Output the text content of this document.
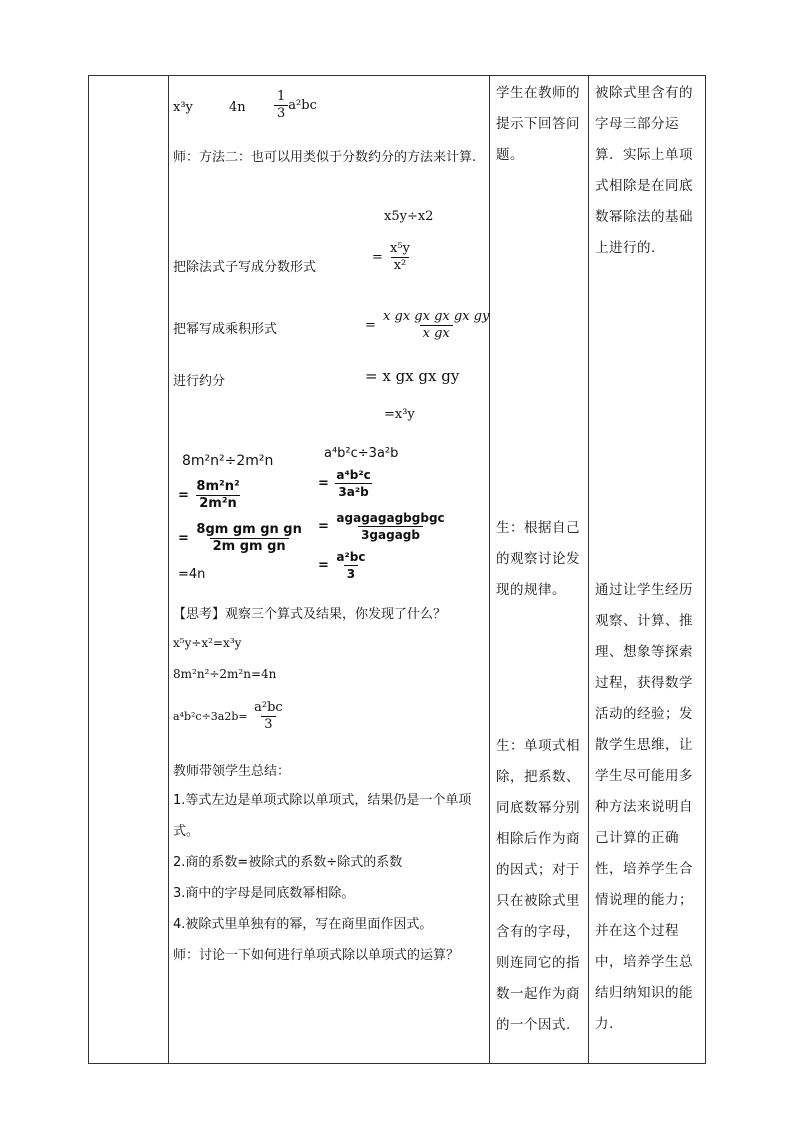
x³y	$4n \frac{1}{3} a^2bc$
师：方法二：也可以用类似于分数约分的方法来计算.
x5y÷x2
把除法式子写成分数形式
= $\frac{\text{x⁵y}}{\text{x²}}$
把幂写成乘积形式	= $\frac{\text{x gx gx gx gx gy}}{\text{x gx}}$
进行约分	= x gx gx gy
=x³y
8m²n²÷2m²n
= $\frac{\text{8m²n²}}{\text{2m²n}}$
= $\frac{\text{8gm gm gn gn}}{\text{2m gm gn}}$
=4n
a⁴b²c÷3a²b
= $\frac{\text{a⁴b²c}}{\text{3a²b}}$
= $\frac{\text{agagagagbgbgc}}{\text{3gagagb}}$
= $\frac{\text{a²bc}}{3}$
【思考】观察三个算式及结果，你发现了什么？
x⁵y÷x²=x³y
8m²n²÷2m²n=4n
$a^4b^2c\div 3a2b= \frac{\text{a²bc}}{3}$
教师带领学生总结：
1.等式左边是单项式除以单项式，结果仍是一个单项式。
2.商的系数=被除式的系数÷除式的系数
3.商中的字母是同底数幂相除。
4.被除式里单独有的幂，写在商里面作因式。
师：讨论一下如何进行单项式除以单项式的运算？
学生在教师的提示下回答问题。
生：根据自己的观察讨论发现的规律。
生：单项式相除，把系数、同底数幂分别相除后作为商的因式；对于只在被除式里含有的字母，则连同它的指数一起作为商的一个因式.
被除式里含有的字母三部分运算．实际上单项式相除是在同底数幂除法的基础上进行的.
通过让学生经历观察、计算、推理、想象等探索过程，获得数学活动的经验；发散学生思维，让学生尽可能用多种方法来说明自己计算的正确性，培养学生合情说理的能力；并在这个过程中，培养学生总结归纳知识的能力.
